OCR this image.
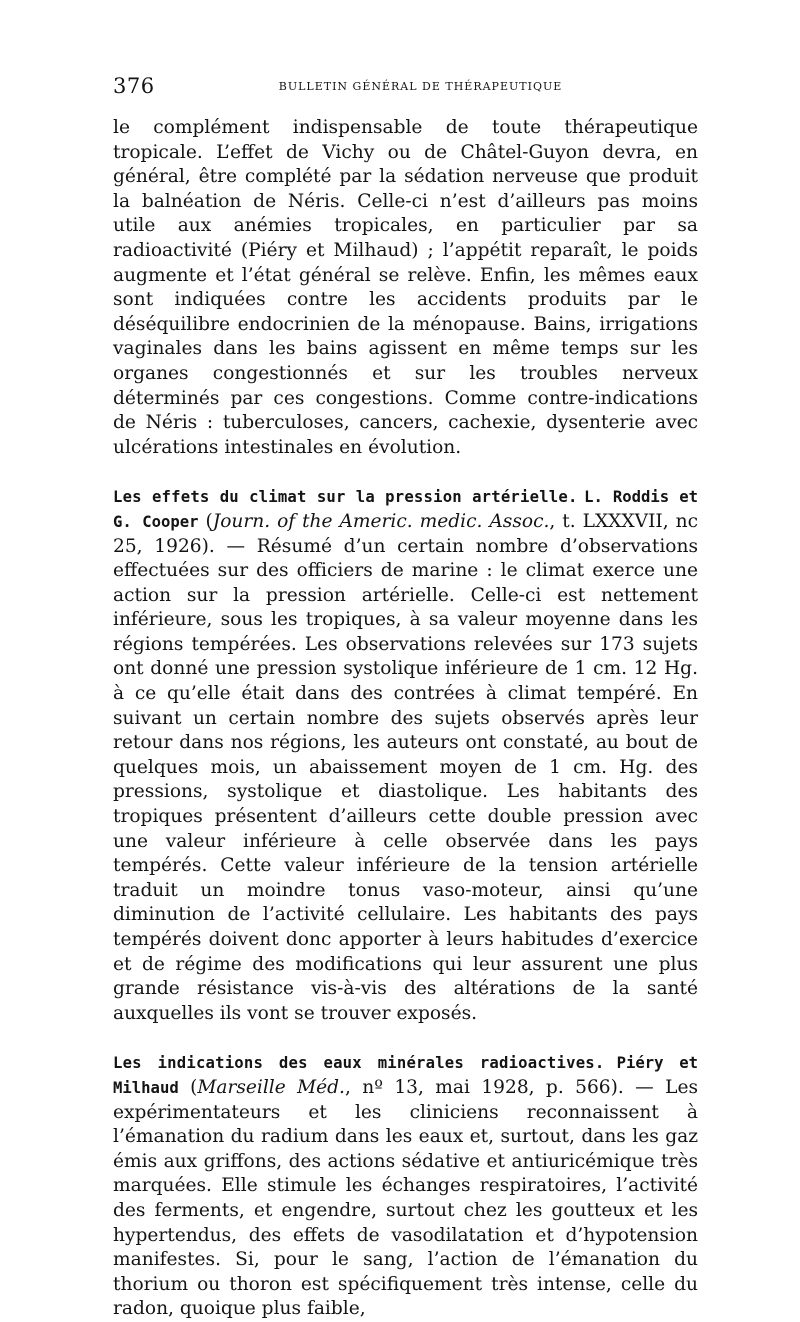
376	BULLETIN GÉNÉRAL DE THÉRAPEUTIQUE

le complément indispensable de toute thérapeutique tropicale. L’effet de Vichy ou de Châtel-Guyon devra, en général, être complété par la sédation nerveuse que produit la balnéation de Néris. Celle-ci n’est d’ailleurs pas moins utile aux anémies tropicales, en particulier par sa radioactivité (Piéry et Milhaud) ; l’appétit reparaît, le poids augmente et l’état général se relève. Enfin, les mêmes eaux sont indiquées contre les accidents produits par le déséquilibre endocrinien de la ménopause. Bains, irrigations vaginales dans les bains agissent en même temps sur les organes congestionnés et sur les troubles nerveux déterminés par ces congestions. Comme contre-indications de Néris : tuberculoses, cancers, cachexie, dysenterie avec ulcérations intestinales en évolution.

Les effets du climat sur la pression artérielle. L. Roddis et G. Cooper (Journ. of the Americ. medic. Assoc., t. LXXXVII, nc 25, 1926). — Résumé d’un certain nombre d’observations effectuées sur des officiers de marine : le climat exerce une action sur la pression artérielle. Celle-ci est nettement inférieure, sous les tropiques, à sa valeur moyenne dans les régions tempérées. Les observations relevées sur 173 sujets ont donné une pression systolique inférieure de 1 cm. 12 Hg. à ce qu’elle était dans des contrées à climat tempéré. En suivant un certain nombre des sujets observés après leur retour dans nos régions, les auteurs ont constaté, au bout de quelques mois, un abaissement moyen de 1 cm. Hg. des pressions, systolique et diastolique. Les habitants des tropiques présentent d’ailleurs cette double pression avec une valeur inférieure à celle observée dans les pays tempérés. Cette valeur inférieure de la tension artérielle traduit un moindre tonus vaso-moteur, ainsi qu’une diminution de l’activité cellulaire. Les habitants des pays tempérés doivent donc apporter à leurs habitudes d’exercice et de régime des modifications qui leur assurent une plus grande résistance vis-à-vis des altérations de la santé auxquelles ils vont se trouver exposés.

Les indications des eaux minérales radioactives. Piéry et Milhaud (Marseille Méd., nº 13, mai 1928, p. 566). — Les expérimentateurs et les cliniciens reconnaissent à l’émanation du radium dans les eaux et, surtout, dans les gaz émis aux griffons, des actions sédative et antiuricémique très marquées. Elle stimule les échanges respiratoires, l’activité des ferments, et engendre, surtout chez les goutteux et les hypertendus, des effets de vasodilatation et d’hypotension manifestes. Si, pour le sang, l’action de l’émanation du thorium ou thoron est spécifiquement très intense, celle du radon, quoique plus faible,
